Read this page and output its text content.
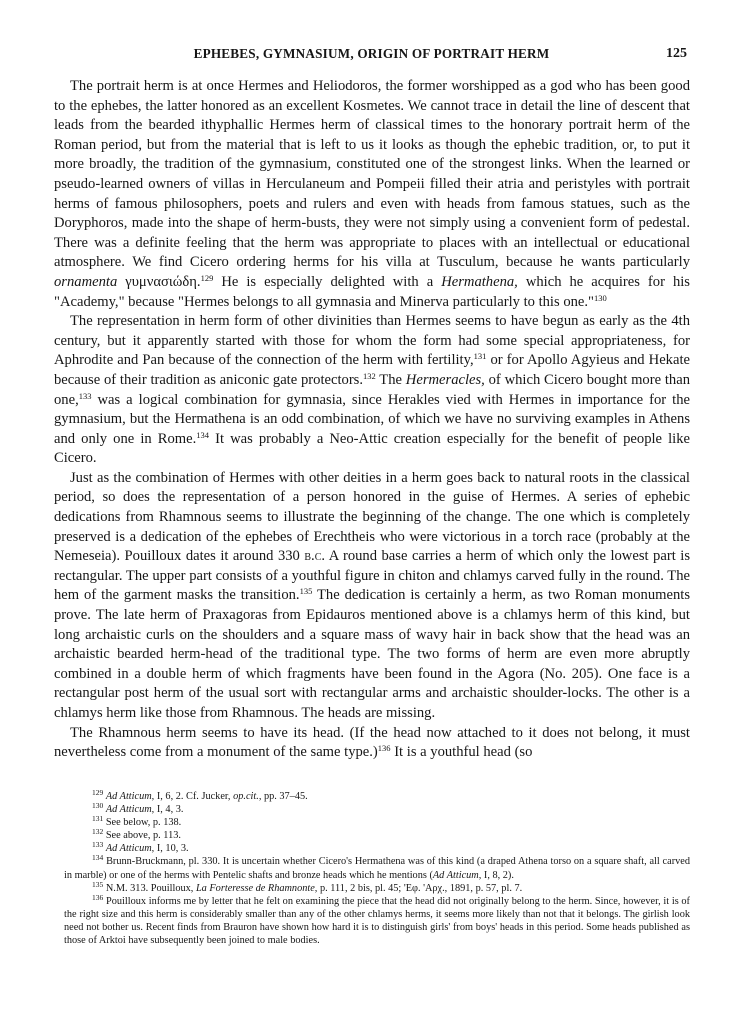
EPHEBES, GYMNASIUM, ORIGIN OF PORTRAIT HERM	125

The portrait herm is at once Hermes and Heliodoros, the former worshipped as a god who has been good to the ephebes, the latter honored as an excellent Kosmetes. We cannot trace in detail the line of descent that leads from the bearded ithyphallic Hermes herm of classical times to the honorary portrait herm of the Roman period, but from the material that is left to us it looks as though the ephebic tradition, or, to put it more broadly, the tradition of the gymnasium, constituted one of the strongest links. When the learned or pseudo-learned owners of villas in Herculaneum and Pompeii filled their atria and peristyles with portrait herms of famous philosophers, poets and rulers and even with heads from famous statues, such as the Doryphoros, made into the shape of herm-busts, they were not simply using a convenient form of pedestal. There was a definite feeling that the herm was appropriate to places with an intellectual or educational atmosphere. We find Cicero ordering herms for his villa at Tusculum, because he wants particularly ornamenta γυμνασιώδη.$^{129}$ He is especially delighted with a Hermathena, which he acquires for his "Academy," because "Hermes belongs to all gymnasia and Minerva particularly to this one."$^{130}$

The representation in herm form of other divinities than Hermes seems to have begun as early as the 4th century, but it apparently started with those for whom the form had some special appropriateness, for Aphrodite and Pan because of the connection of the herm with fertility,$^{131}$ or for Apollo Agyieus and Hekate because of their tradition as aniconic gate protectors.$^{132}$ The Hermeracles, of which Cicero bought more than one,$^{133}$ was a logical combination for gymnasia, since Herakles vied with Hermes in importance for the gymnasium, but the Hermathena is an odd combination, of which we have no surviving examples in Athens and only one in Rome.$^{134}$ It was probably a Neo-Attic creation especially for the benefit of people like Cicero.

Just as the combination of Hermes with other deities in a herm goes back to natural roots in the classical period, so does the representation of a person honored in the guise of Hermes. A series of ephebic dedications from Rhamnous seems to illustrate the beginning of the change. The one which is completely preserved is a dedication of the ephebes of Erechtheis who were victorious in a torch race (probably at the Nemeseia). Pouilloux dates it around 330 b.c. A round base carries a herm of which only the lowest part is rectangular. The upper part consists of a youthful figure in chiton and chlamys carved fully in the round. The hem of the garment masks the transition.$^{135}$ The dedication is certainly a herm, as two Roman monuments prove. The late herm of Praxagoras from Epidauros mentioned above is a chlamys herm of this kind, but long archaistic curls on the shoulders and a square mass of wavy hair in back show that the head was an archaistic bearded herm-head of the traditional type. The two forms of herm are even more abruptly combined in a double herm of which fragments have been found in the Agora (No. 205). One face is a rectangular post herm of the usual sort with rectangular arms and archaistic shoulder-locks. The other is a chlamys herm like those from Rhamnous. The heads are missing.

The Rhamnous herm seems to have its head. (If the head now attached to it does not belong, it must nevertheless come from a monument of the same type.)$^{136}$ It is a youthful head (so

$^{129}$ Ad Atticum, I, 6, 2. Cf. Jucker, op.cit., pp. 37–45.

$^{130}$ Ad Atticum, I, 4, 3.

$^{131}$ See below, p. 138.

$^{132}$ See above, p. 113.

$^{133}$ Ad Atticum, I, 10, 3.

$^{134}$ Brunn-Bruckmann, pl. 330. It is uncertain whether Cicero's Hermathena was of this kind (a draped Athena torso on a square shaft, all carved in marble) or one of the herms with Pentelic shafts and bronze heads which he mentions (Ad Atticum, I, 8, 2).

$^{135}$ N.M. 313. Pouilloux, La Forteresse de Rhamnonte, p. 111, 2 bis, pl. 45; 'Εφ. 'Αρχ., 1891, p. 57, pl. 7.

$^{136}$ Pouilloux informs me by letter that he felt on examining the piece that the head did not originally belong to the herm. Since, however, it is of the right size and this herm is considerably smaller than any of the other chlamys herms, it seems more likely than not that it belongs. The girlish look need not bother us. Recent finds from Brauron have shown how hard it is to distinguish girls' from boys' heads in this period. Some heads published as those of Arktoi have subsequently been joined to male bodies.
